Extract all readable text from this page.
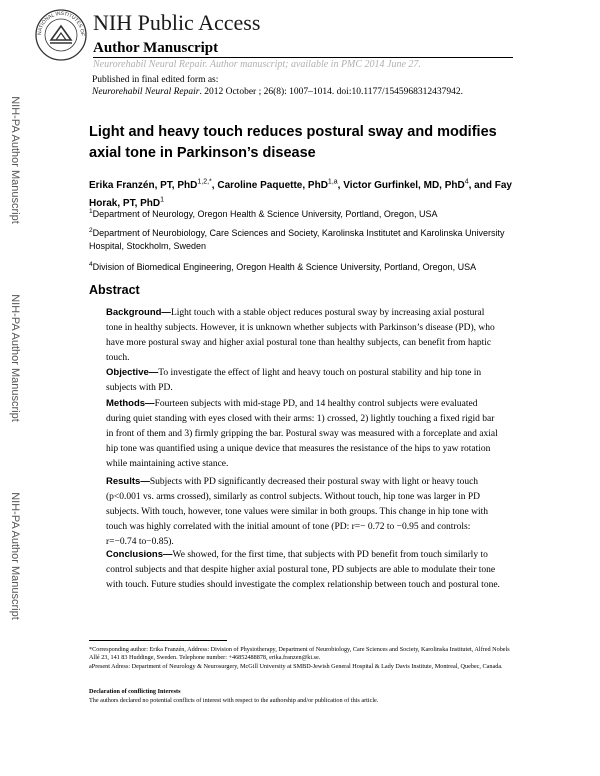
NATIONAL INSTITUTES OF NIH Public Access
Author Manuscript
Neurorehabil Neural Repair. Author manuscript; available in PMC 2014 June 27.
Published in final edited form as:
Neurorehabil Neural Repair. 2012 October ; 26(8): 1007–1014. doi:10.1177/1545968312437942.
NIH-PA Author Manuscript
NIH-PA Author Manuscript
NIH-PA Author Manuscript
Light and heavy touch reduces postural sway and modifies axial tone in Parkinson’s disease
Erika Franzén, PT, PhD$^{1,2,*}$, Caroline Paquette, PhD$^{1,a}$, Victor Gurfinkel, MD, PhD$^4$, and Fay Horak, PT, PhD$^1$
$^1$Department of Neurology, Oregon Health & Science University, Portland, Oregon, USA
$^2$Department of Neurobiology, Care Sciences and Society, Karolinska Institutet and Karolinska University Hospital, Stockholm, Sweden
$^4$Division of Biomedical Engineering, Oregon Health & Science University, Portland, Oregon, USA
Abstract
Background—Light touch with a stable object reduces postural sway by increasing axial postural tone in healthy subjects. However, it is unknown whether subjects with Parkinson’s disease (PD), who have more postural sway and higher axial postural tone than healthy subjects, can benefit from haptic touch.
Objective—To investigate the effect of light and heavy touch on postural stability and hip tone in subjects with PD.
Methods—Fourteen subjects with mid-stage PD, and 14 healthy control subjects were evaluated during quiet standing with eyes closed with their arms: 1) crossed, 2) lightly touching a fixed rigid bar in front of them and 3) firmly gripping the bar. Postural sway was measured with a forceplate and axial hip tone was quantified using a unique device that measures the resistance of the hips to yaw rotation while maintaining active stance.
Results—Subjects with PD significantly decreased their postural sway with light or heavy touch (p<0.001 vs. arms crossed), similarly as control subjects. Without touch, hip tone was larger in PD subjects. With touch, however, tone values were similar in both groups. This change in hip tone with touch was highly correlated with the initial amount of tone (PD: r=− 0.72 to −0.95 and controls: r=−0.74 to−0.85).
Conclusions—We showed, for the first time, that subjects with PD benefit from touch similarly to control subjects and that despite higher axial postural tone, PD subjects are able to modulate their tone with touch. Future studies should investigate the complex relationship between touch and postural tone.
*Corresponding author: Erika Franzén, Address: Division of Physiotherapy, Department of Neurobiology, Care Sciences and Society, Karolinska Institutet, Alfred Nobels Allé 23, 141 83 Huddinge, Sweden. Telephone number: +46852488878, erika.franzen@ki.se.
aPresent Adress: Department of Neurology & Neurosurgery, McGill University at SMBD-Jewish General Hospital & Lady Davis Institute, Montreal, Quebec, Canada.
Declaration of conflicting Interests
The authors declared no potential conflicts of interest with respect to the authorship and/or publication of this article.
